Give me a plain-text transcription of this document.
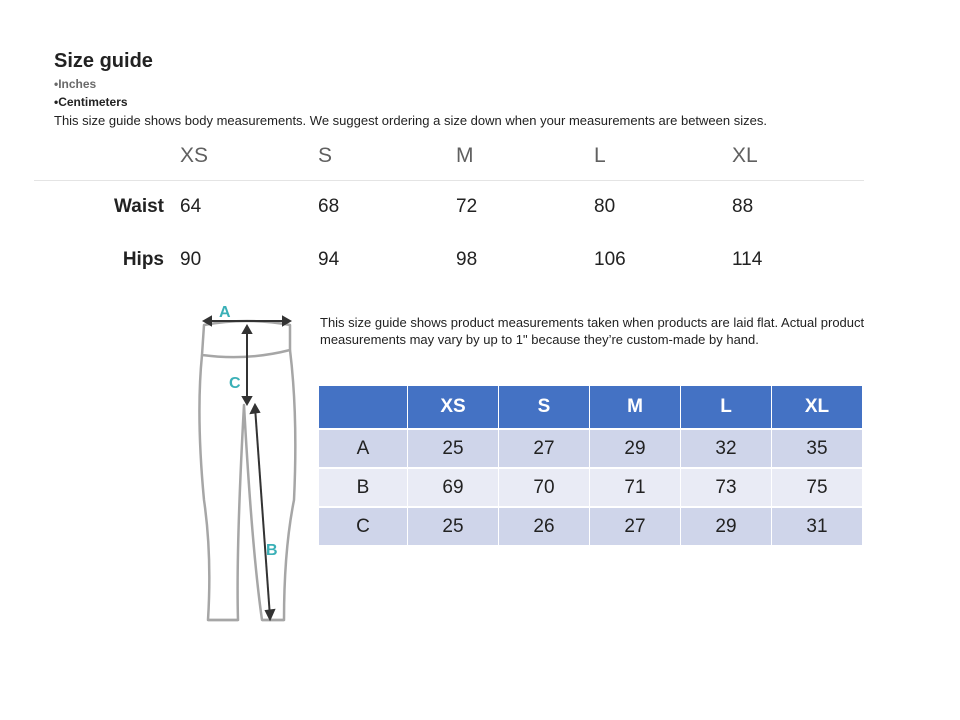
Size guide
•Inches
•Centimeters
This size guide shows body measurements. We suggest ordering a size down when your measurements are between sizes.
XS	S	M	L	XL
Waist 64	68	72	80	88
Hips 90	94	98	106	114
A
C
B
This size guide shows product measurements taken when products are laid flat. Actual product measurements may vary by up to 1" because they’re custom-made by hand.
	XS	S	M	L	XL
A	25	27	29	32	35
B	69	70	71	73	75
C	25	26	27	29	31
